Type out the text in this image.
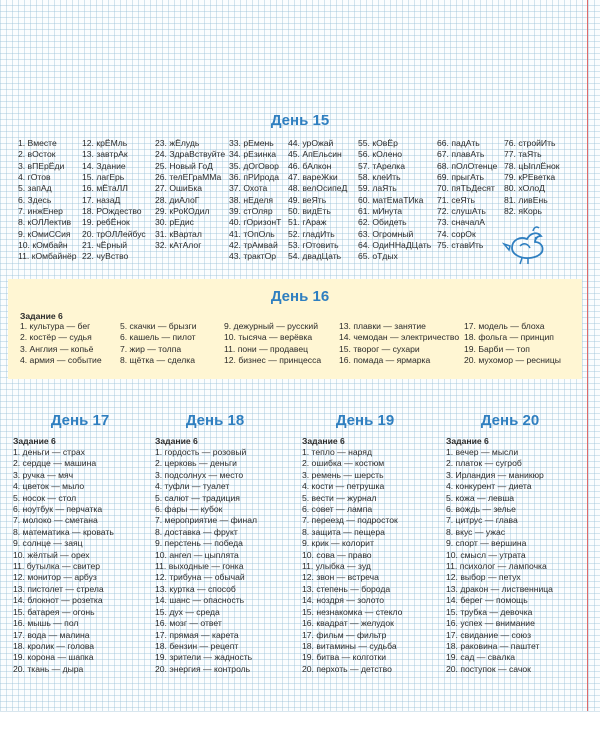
День 15
1. Вместе
2. вОсток
3. вПЕрЁди
4. гОтов
5. запАд
6. Здесь
7. инжЕнер
8. кОЛЛектив
9. кОмиССия
10. кОмбайн
11. кОмбайнёр
12. крЁМль
13. завтрАк
14. Здание
15. лагЕрь
16. мЁтаЛЛ
17. назаД
18. РОждество
19. ребЁнок
20. трОЛЛейбус
21. чЁрный
22. чуВство
23. жЁлудь
24. ЗдраВствуйте
25. Новый ГоД
26. телЕГраММа
27. ОшиБка
28. диАлоГ
29. кРоКОдил
30. рЕдис
31. кВартал
32. кАтАлог
33. рЕмень
34. рЕзинка
35. дОгОвор
36. пРИрода
37. Охота
38. нЕделя
39. стОляр
40. гОризонТ
41. тОпОль
42. трАмвай
43. трактОр
44. урОжай
45. АпЕльсин
46. бАлкон
47. вареЖки
48. велОсипеД
49. веЯть
50. видЕть
51. гАраж
52. гладИть
53. гОтовить
54. двадЦать
55. кОвЁр
56. кОлено
57. тАрелка
58. клеИть
59. лаЯть
60. матЕмаТИка
61. мИнута
62. Обидеть
63. Огромный
64. ОдиННаДЦать
65. оТдых
66. падАть
67. плавАть
68. пОлОтенце
69. прыгАть
70. пяТЬДесят
71. сеЯть
72. слушАть
73. сначалА
74. сорОк
75. ставИть
76. стройИть
77. таЯть
78. цЫплЁнок
79. кРЕветка
80. хОлоД
81. ливЕнь
82. яКорь
День 16
Задание 6
1. культура — бег
2. костёр — судья
3. Англия — копьё
4. армия — событие
5. скачки — брызги
6. кашель — пилот
7. жир — толпа
8. щётка — сделка
9. дежурный — русский
10. тысяча — верёвка
11. пони — продавец
12. бизнес — принцесса
13. плавки — занятие
14. чемодан — электричество
15. творог — сухари
16. помада — ярмарка
17. модель — блоха
18. фольга — принцип
19. Барби — топ
20. мухомор — ресницы
День 17	День 18	День 19	День 20
Задание 6
1. деньги — страх
2. сердце — машина
3. ручка — мяч
4. цветок — мыло
5. носок — стол
6. ноутбук — перчатка
7. молоко — сметана
8. математика — кровать
9. солнце — заяц
10. жёлтый — орех
11. бутылка — свитер
12. монитор — арбуз
13. пистолет — стрела
14. блокнот — розетка
15. батарея — огонь
16. мышь — пол
17. вода — малина
18. кролик — голова
19. корона — шапка
20. ткань — дыра
Задание 6
1. гордость — розовый
2. церковь — деньги
3. подсолнух — место
4. туфли — туалет
5. салют — традиция
6. фары — кубок
7. мероприятие — финал
8. доставка — фрукт
9. перстень — победа
10. ангел — цыплята
11. выходные — гонка
12. трибуна — обычай
13. куртка — способ
14. шанс — опасность
15. дух — среда
16. мозг — ответ
17. прямая — карета
18. бензин — рецепт
19. зрители — жадность
20. энергия — контроль
Задание 6
1. тепло — наряд
2. ошибка — костюм
3. ремень — шерсть
4. кости — петрушка
5. вести — журнал
6. совет — лампа
7. переезд — подросток
8. защита — пещера
9. крик — колорит
10. сова — право
11. улыбка — зуд
12. звон — встреча
13. степень — борода
14. ноздря — золото
15. незнакомка — стекло
16. квадрат — желудок
17. фильм — фильтр
18. витамины — судьба
19. битва — колготки
20. перхоть — детство
Задание 6
1. вечер — мысли
2. платок — сугроб
3. Ирландия — маникюр
4. конкурент — диета
5. кожа — левша
6. вождь — зелье
7. цитрус — глава
8. вкус — ужас
9. спорт — вершина
10. смысл — утрата
11. психолог — лампочка
12. выбор — петух
13. дракон — лиственница
14. берег — помощь
15. трубка — девочка
16. успех — внимание
17. свидание — союз
18. раковина — паштет
19. сад — свалка
20. поступок — сачок
